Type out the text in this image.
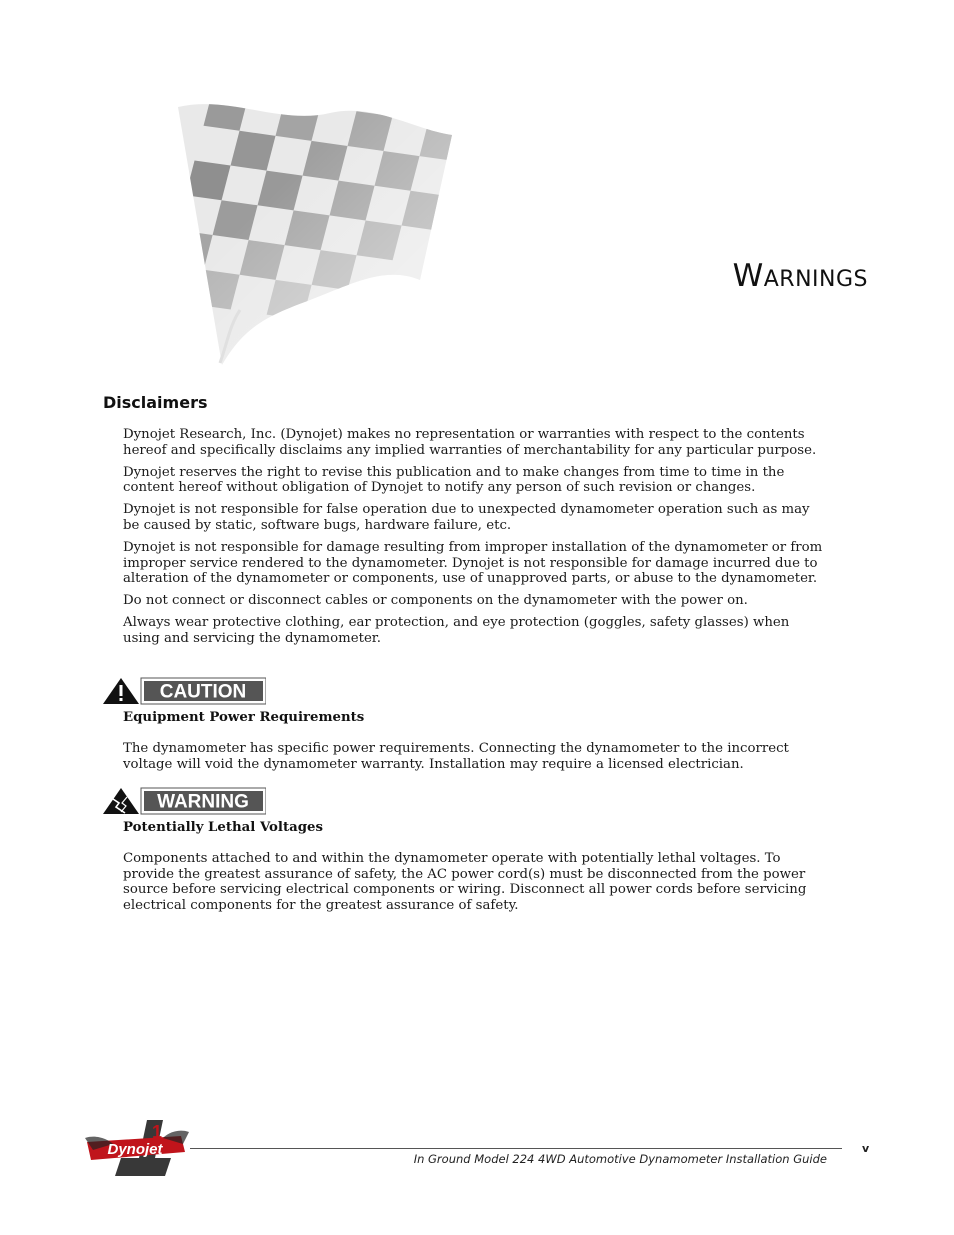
Warnings
Disclaimers

Dynojet Research, Inc. (Dynojet) makes no representation or warranties with respect to the contents hereof and specifically disclaims any implied warranties of merchantability for any particular purpose.

Dynojet reserves the right to revise this publication and to make changes from time to time in the content hereof without obligation of Dynojet to notify any person of such revision or changes.

Dynojet is not responsible for false operation due to unexpected dynamometer operation such as may be caused by static, software bugs, hardware failure, etc.

Dynojet is not responsible for damage resulting from improper installation of the dynamometer or from improper service rendered to the dynamometer. Dynojet is not responsible for damage incurred due to alteration of the dynamometer or components, use of unapproved parts, or abuse to the dynamometer.

Do not connect or disconnect cables or components on the dynamometer with the power on.

Always wear protective clothing, ear protection, and eye protection (goggles, safety glasses) when using and servicing the dynamometer.

CAUTION
Equipment Power Requirements

The dynamometer has specific power requirements. Connecting the dynamometer to the incorrect voltage will void the dynamometer warranty. Installation may require a licensed electrician.

WARNING
Potentially Lethal Voltages

Components attached to and within the dynamometer operate with potentially lethal voltages. To provide the greatest assurance of safety, the AC power cord(s) must be disconnected from the power source before servicing electrical components or wiring. Disconnect all power cords before servicing electrical components for the greatest assurance of safety.

Dynojet
1
In Ground Model 224 4WD Automotive Dynamometer Installation Guide
v
